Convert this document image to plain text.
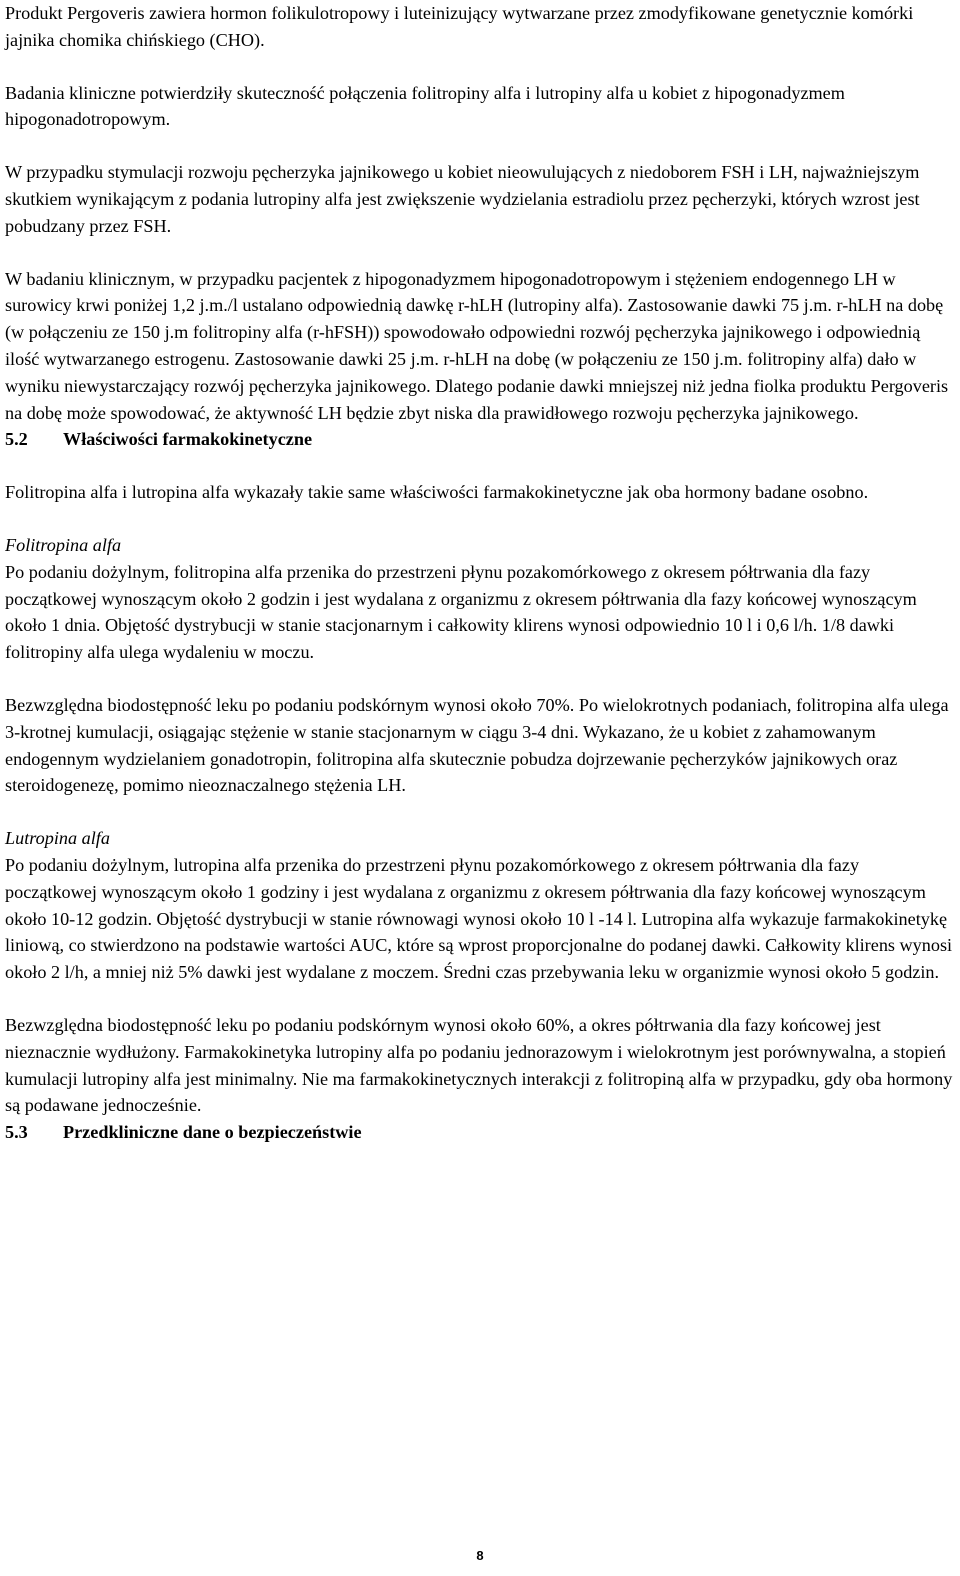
Produkt Pergoveris zawiera hormon folikulotropowy i luteinizujący wytwarzane przez zmodyfikowane genetycznie komórki jajnika chomika chińskiego (CHO).

Badania kliniczne potwierdziły skuteczność połączenia folitropiny alfa i lutropiny alfa u kobiet z hipogonadyzmem hipogonadotropowym.

W przypadku stymulacji rozwoju pęcherzyka jajnikowego u kobiet nieowulujących z niedoborem FSH i LH, najważniejszym skutkiem wynikającym z podania lutropiny alfa jest zwiększenie wydzielania estradiolu przez pęcherzyki, których wzrost jest pobudzany przez FSH.

W badaniu klinicznym, w przypadku pacjentek z hipogonadyzmem hipogonadotropowym i stężeniem endogennego LH w surowicy krwi poniżej 1,2 j.m./l ustalano odpowiednią dawkę r-hLH (lutropiny alfa). Zastosowanie dawki 75 j.m. r-hLH na dobę (w połączeniu ze 150 j.m folitropiny alfa (r-hFSH)) spowodowało odpowiedni rozwój pęcherzyka jajnikowego i odpowiednią ilość wytwarzanego estrogenu. Zastosowanie dawki 25 j.m. r-hLH na dobę (w połączeniu ze 150 j.m. folitropiny alfa) dało w wyniku niewystarczający rozwój pęcherzyka jajnikowego. Dlatego podanie dawki mniejszej niż jedna fiolka produktu Pergoveris na dobę może spowodować, że aktywność LH będzie zbyt niska dla prawidłowego rozwoju pęcherzyka jajnikowego.

5.2	Właściwości farmakokinetyczne

Folitropina alfa i lutropina alfa wykazały takie same właściwości farmakokinetyczne jak oba hormony badane osobno.

Folitropina alfa
Po podaniu dożylnym, folitropina alfa przenika do przestrzeni płynu pozakomórkowego z okresem półtrwania dla fazy początkowej wynoszącym około 2 godzin i jest wydalana z organizmu z okresem półtrwania dla fazy końcowej wynoszącym około 1 dnia. Objętość dystrybucji w stanie stacjonarnym i całkowity klirens wynosi odpowiednio 10 l i 0,6 l/h. 1/8 dawki folitropiny alfa ulega wydaleniu w moczu.

Bezwzględna biodostępność leku po podaniu podskórnym wynosi około 70%. Po wielokrotnych podaniach, folitropina alfa ulega 3-krotnej kumulacji, osiągając stężenie w stanie stacjonarnym w ciągu 3-4 dni. Wykazano, że u kobiet z zahamowanym endogennym wydzielaniem gonadotropin, folitropina alfa skutecznie pobudza dojrzewanie pęcherzyków jajnikowych oraz steroidogenezę, pomimo nieoznaczalnego stężenia LH.

Lutropina alfa
Po podaniu dożylnym, lutropina alfa przenika do przestrzeni płynu pozakomórkowego z okresem półtrwania dla fazy początkowej wynoszącym około 1 godziny i jest wydalana z organizmu z okresem półtrwania dla fazy końcowej wynoszącym około 10-12 godzin. Objętość dystrybucji w stanie równowagi wynosi około 10 l -14 l. Lutropina alfa wykazuje farmakokinetykę liniową, co stwierdzono na podstawie wartości AUC, które są wprost proporcjonalne do podanej dawki. Całkowity klirens wynosi około 2 l/h, a mniej niż 5% dawki jest wydalane z moczem. Średni czas przebywania leku w organizmie wynosi około 5 godzin.

Bezwzględna biodostępność leku po podaniu podskórnym wynosi około 60%, a okres półtrwania dla fazy końcowej jest nieznacznie wydłużony. Farmakokinetyka lutropiny alfa po podaniu jednorazowym i wielokrotnym jest porównywalna, a stopień kumulacji lutropiny alfa jest minimalny. Nie ma farmakokinetycznych interakcji z folitropiną alfa w przypadku, gdy oba hormony są podawane jednocześnie.

5.3	Przedkliniczne dane o bezpieczeństwie
8
